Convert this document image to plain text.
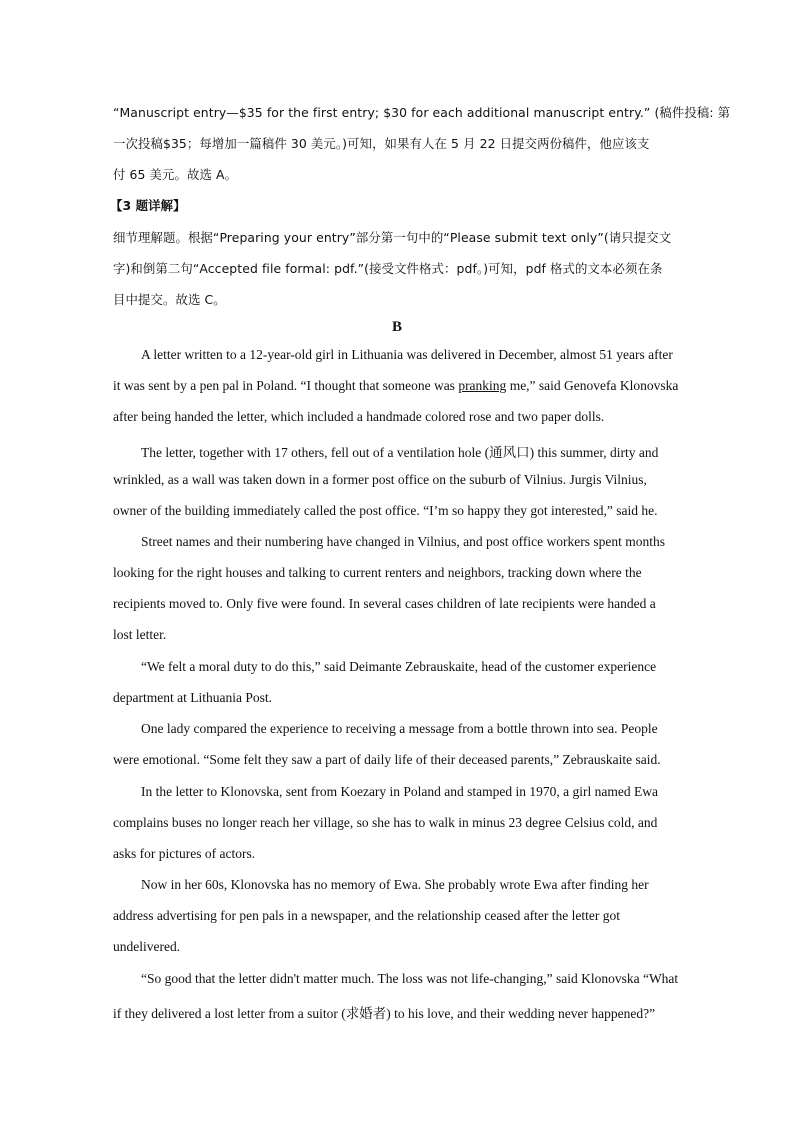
“Manuscript entry—$35 for the first entry; $30 for each additional manuscript entry.” (稿件投稿: 第
一次投稿$35；每增加一篇稿件 30 美元。)可知，如果有人在 5 月 22 日提交两份稿件，他应该支
付 65 美元。故选 A。
【3 题详解】
细节理解题。根据“Preparing your entry”部分第一句中的“Please submit text only”(请只提交文
字)和倒第二句“Accepted file formal: pdf.”(接受文件格式：pdf。)可知，pdf 格式的文本必须在条
目中提交。故选 C。
B
A letter written to a 12-year-old girl in Lithuania was delivered in December, almost 51 years after
it was sent by a pen pal in Poland. “I thought that someone was pranking me,” said Genovefa Klonovska
after being handed the letter, which included a handmade colored rose and two paper dolls.
The letter, together with 17 others, fell out of a ventilation hole (通风口) this summer, dirty and
wrinkled, as a wall was taken down in a former post office on the suburb of Vilnius. Jurgis Vilnius,
owner of the building immediately called the post office. “I’m so happy they got interested,” said he.
Street names and their numbering have changed in Vilnius, and post office workers spent months
looking for the right houses and talking to current renters and neighbors, tracking down where the
recipients moved to. Only five were found. In several cases children of late recipients were handed a
lost letter.
“We felt a moral duty to do this,” said Deimante Zebrauskaite, head of the customer experience
department at Lithuania Post.
One lady compared the experience to receiving a message from a bottle thrown into sea. People
were emotional. “Some felt they saw a part of daily life of their deceased parents,” Zebrauskaite said.
In the letter to Klonovska, sent from Koezary in Poland and stamped in 1970, a girl named Ewa
complains buses no longer reach her village, so she has to walk in minus 23 degree Celsius cold, and
asks for pictures of actors.
Now in her 60s, Klonovska has no memory of Ewa. She probably wrote Ewa after finding her
address advertising for pen pals in a newspaper, and the relationship ceased after the letter got
undelivered.
“So good that the letter didn't matter much. The loss was not life-changing,” said Klonovska “What
if they delivered a lost letter from a suitor (求婚者) to his love, and their wedding never happened?”
